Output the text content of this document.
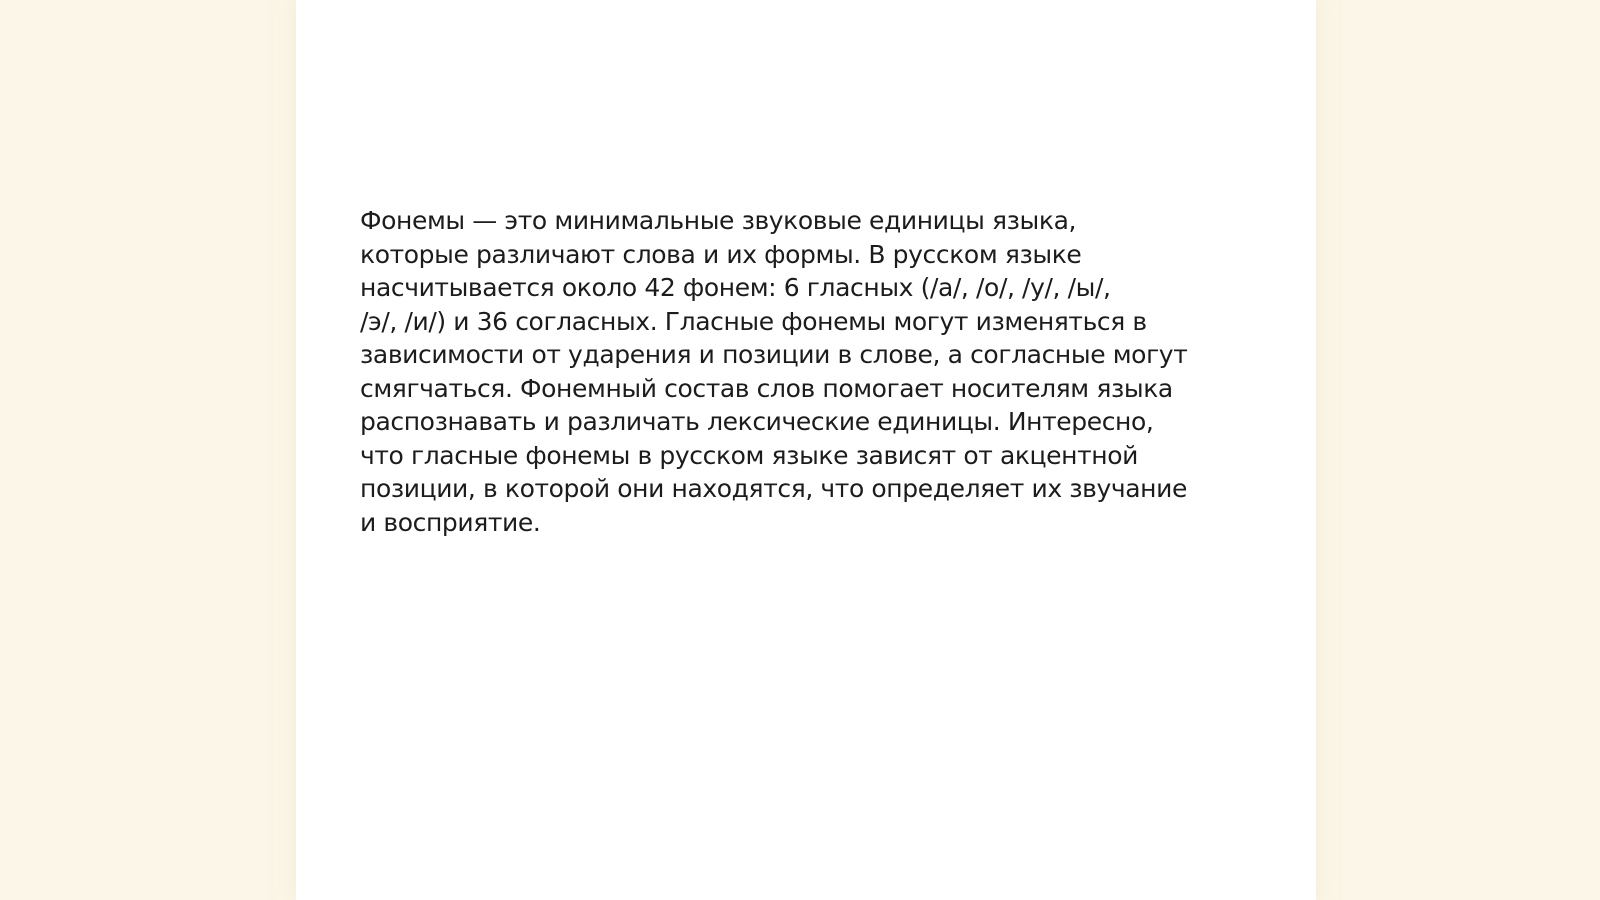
Фонемы — это минимальные звуковые единицы языка,
которые различают слова и их формы. В русском языке
насчитывается около 42 фонем: 6 гласных (/а/, /о/, /у/, /ы/,
/э/, /и/) и 36 согласных. Гласные фонемы могут изменяться в
зависимости от ударения и позиции в слове, а согласные могут
смягчаться. Фонемный состав слов помогает носителям языка
распознавать и различать лексические единицы. Интересно,
что гласные фонемы в русском языке зависят от акцентной
позиции, в которой они находятся, что определяет их звучание
и восприятие.
